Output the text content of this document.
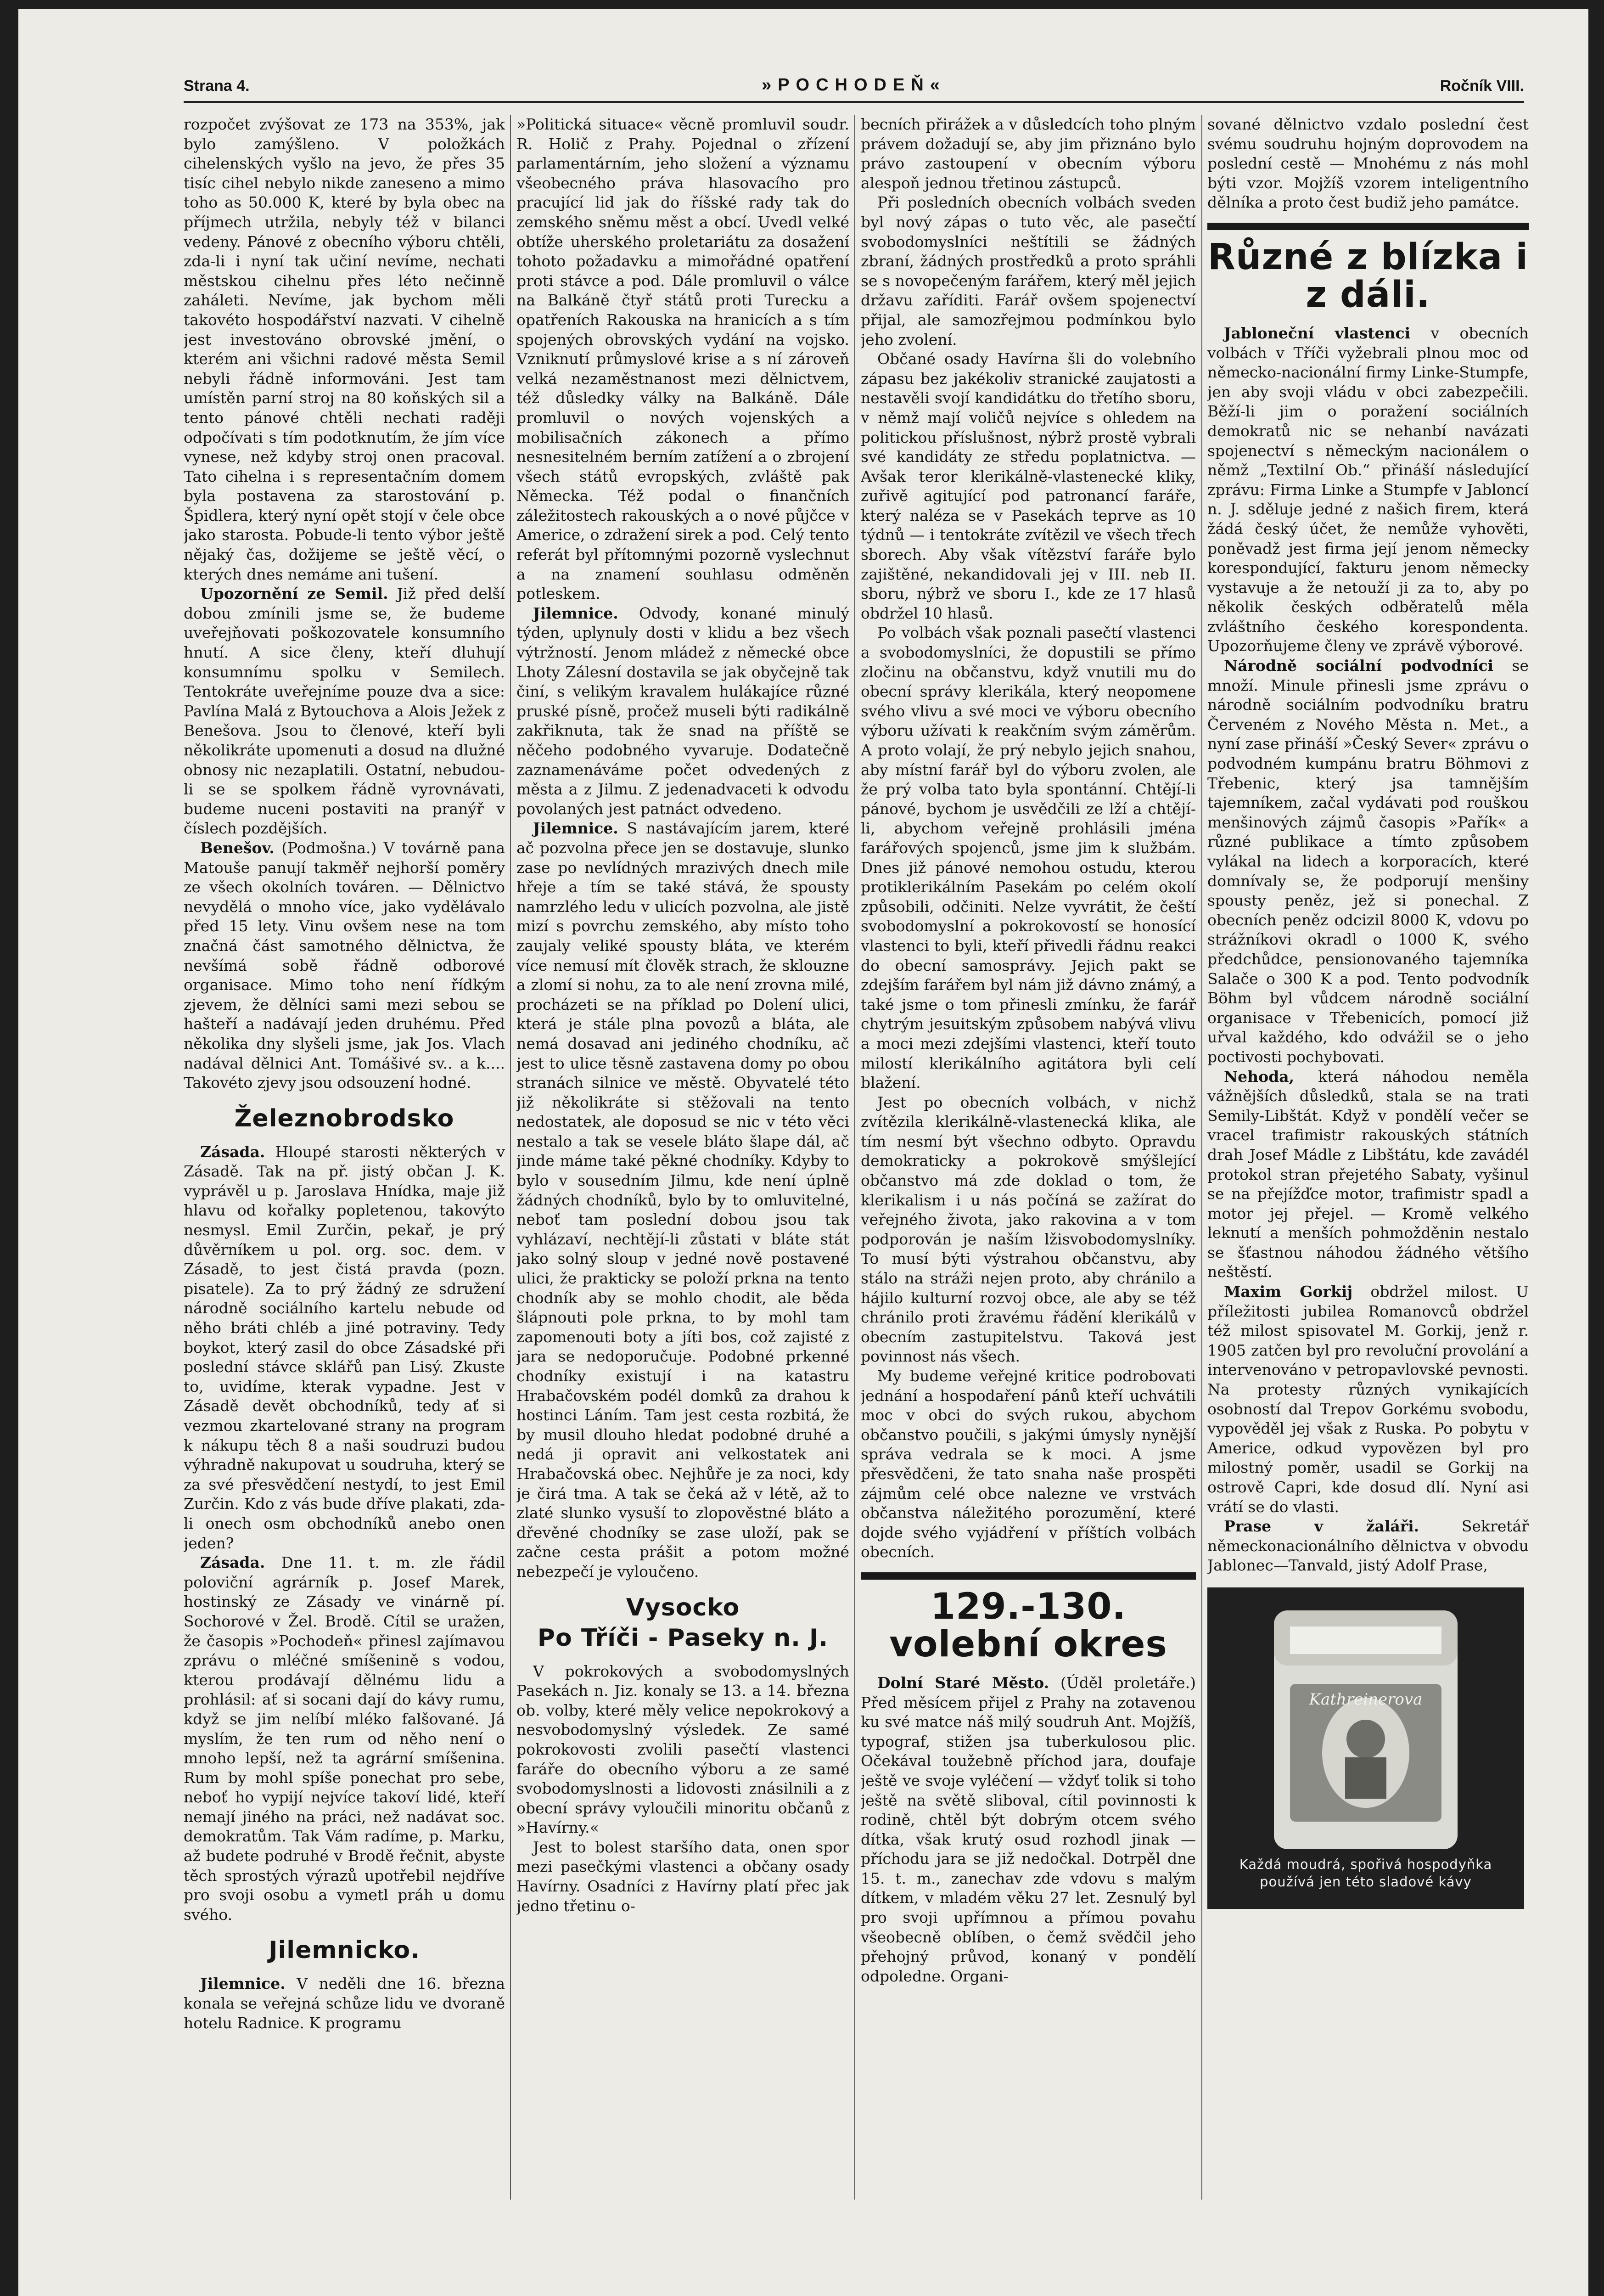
Strana 4.	»POCHODEŇ«	Ročník VIII.

rozpočet zvýšovat ze 173 na 353%, jak bylo zamýšleno. V položkách cihelenských vyšlo na jevo, že přes 35 tisíc cihel nebylo nikde zaneseno a mimo toho as 50.000 K, které by byla obec na příjmech utržila, nebyly též v bilanci vedeny. Pánové z obecního výboru chtěli, zda-li i nyní tak učiní nevíme, nechati městskou cihelnu přes léto nečinně zaháleti. Nevíme, jak bychom měli takovéto hospodářství nazvati. V cihelně jest investováno obrovské jmění, o kterém ani všichni radové města Semil nebyli řádně informováni. Jest tam umístěn parní stroj na 80 koňských sil a tento pánové chtěli nechati raději odpočívati s tím podotknutím, že jím více vynese, než kdyby stroj onen pracoval. Tato cihelna i s representačním domem byla postavena za starostování p. Špidlera, který nyní opět stojí v čele obce jako starosta. Pobude-li tento výbor ještě nějaký čas, dožijeme se ještě věcí, o kterých dnes nemáme ani tušení.

Upozornění ze Semil. Již před delší dobou zmínili jsme se, že budeme uveřejňovati poškozovatele konsumního hnutí. A sice členy, kteří dluhují konsumnímu spolku v Semilech. Tentokráte uveřejníme pouze dva a sice: Pavlína Malá z Bytouchova a Alois Ježek z Benešova. Jsou to členové, kteří byli několikráte upomenuti a dosud na dlužné obnosy nic nezaplatili. Ostatní, nebudou-li se se spolkem řádně vyrovnávati, budeme nuceni postaviti na pranýř v číslech pozdějších.

Benešov. (Podmošna.) V továrně pana Matouše panují takměř nejhorší poměry ze všech okolních továren. — Dělnictvo nevydělá o mnoho více, jako vydělávalo před 15 lety. Vinu ovšem nese na tom značná část samotného dělnictva, že nevšímá sobě řádně odborové organisace. Mimo toho není řídkým zjevem, že dělníci sami mezi sebou se hašteří a nadávají jeden druhému. Před několika dny slyšeli jsme, jak Jos. Vlach nadával dělnici Ant. Tomášivé sv.. a k.... Takovéto zjevy jsou odsouzení hodné.

Železnobrodsko

Zásada. Hloupé starosti některých v Zásadě. Tak na př. jistý občan J. K. vyprávěl u p. Jaroslava Hnídka, maje již hlavu od kořalky popletenou, takovýto nesmysl. Emil Zurčin, pekař, je prý důvěrníkem u pol. org. soc. dem. v Zásadě, to jest čistá pravda (pozn. pisatele). Za to prý žádný ze sdružení národně sociálního kartelu nebude od něho bráti chléb a jiné potraviny. Tedy boykot, který zasil do obce Zásadské při poslední stávce sklářů pan Lisý. Zkuste to, uvidíme, kterak vypadne. Jest v Zásadě devět obchodníků, tedy ať si vezmou zkartelované strany na program k nákupu těch 8 a naši soudruzi budou výhradně nakupovat u soudruha, který se za své přesvědčení nestydí, to jest Emil Zurčin. Kdo z vás bude dříve plakati, zda-li onech osm obchodníků anebo onen jeden?

Zásada. Dne 11. t. m. zle řádil poloviční agrárník p. Josef Marek, hostinský ze Zásady ve vinárně pí. Sochorové v Žel. Brodě. Cítil se uražen, že časopis »Pochodeň« přinesl zajímavou zprávu o mléčné smíšenině s vodou, kterou prodávají dělnému lidu a prohlásil: ať si socani dají do kávy rumu, když se jim nelíbí mléko falšované. Já myslím, že ten rum od něho není o mnoho lepší, než ta agrární smíšenina. Rum by mohl spíše ponechat pro sebe, neboť ho vypijí nejvíce takoví lidé, kteří nemají jiného na práci, než nadávat soc. demokratům. Tak Vám radíme, p. Marku, až budete podruhé v Brodě řečnit, abyste těch sprostých výrazů upotřebil nejdříve pro svoji osobu a vymetl práh u domu svého.

Jilemnicko.

Jilemnice. V neděli dne 16. března konala se veřejná schůze lidu ve dvoraně hotelu Radnice. K programu

»Politická situace« věcně promluvil soudr. R. Holič z Prahy. Pojednal o zřízení parlamentárním, jeho složení a významu všeobecného práva hlasovacího pro pracující lid jak do říšské rady tak do zemského sněmu měst a obcí. Uvedl velké obtíže uherského proletariátu za dosažení tohoto požadavku a mimořádné opatření proti stávce a pod. Dále promluvil o válce na Balkáně čtyř států proti Turecku a opatřeních Rakouska na hranicích a s tím spojených obrovských vydání na vojsko. Vzniknutí průmyslové krise a s ní zároveň velká nezaměstnanost mezi dělnictvem, též důsledky války na Balkáně. Dále promluvil o nových vojenských a mobilisačních zákonech a přímo nesnesitelném berním zatížení a o zbrojení všech států evropských, zvláště pak Německa. Též podal o finančních záležitostech rakouských a o nové půjčce v Americe, o zdražení sirek a pod. Celý tento referát byl přítomnými pozorně vyslechnut a na znamení souhlasu odměněn potleskem.

Jilemnice. Odvody, konané minulý týden, uplynuly dosti v klidu a bez všech výtržností. Jenom mládež z německé obce Lhoty Zálesní dostavila se jak obyčejně tak činí, s velikým kravalem hulákajíce různé pruské písně, pročež museli býti radikálně zakřiknuta, tak že snad na příště se něčeho podobného vyvaruje. Dodatečně zaznamenáváme počet odvedených z města a z Jilmu. Z jedenadvaceti k odvodu povolaných jest patnáct odvedeno.

Jilemnice. S nastávajícím jarem, které ač pozvolna přece jen se dostavuje, slunko zase po nevlídných mrazivých dnech mile hřeje a tím se také stává, že spousty namrzlého ledu v ulicích pozvolna, ale jistě mizí s povrchu zemského, aby místo toho zaujaly veliké spousty bláta, ve kterém více nemusí mít člověk strach, že sklouzne a zlomí si nohu, za to ale není zrovna milé, procházeti se na příklad po Dolení ulici, která je stále plna povozů a bláta, ale nemá dosavad ani jediného chodníku, ač jest to ulice těsně zastavena domy po obou stranách silnice ve městě. Obyvatelé této již několikráte si stěžovali na tento nedostatek, ale doposud se nic v této věci nestalo a tak se vesele bláto šlape dál, ač jinde máme také pěkné chodníky. Kdyby to bylo v sousedním Jilmu, kde není úplně žádných chodníků, bylo by to omluvitelné, neboť tam poslední dobou jsou tak vyhlázaví, nechtějí-li zůstati v bláte stát jako solný sloup v jedné nově postavené ulici, že prakticky se položí prkna na tento chodník aby se mohlo chodit, ale běda šlápnouti pole prkna, to by mohl tam zapomenouti boty a jíti bos, což zajisté z jara se nedoporučuje. Podobné prkenné chodníky existují i na katastru Hrabačovském podél domků za drahou k hostinci Láním. Tam jest cesta rozbitá, že by musil dlouho hledat podobné druhé a nedá ji opravit ani velkostatek ani Hrabačovská obec. Nejhůře je za noci, kdy je čirá tma. A tak se čeká až v létě, až to zlaté slunko vysuší to zlopověstné bláto a dřevěné chodníky se zase uloží, pak se začne cesta prášit a potom možné nebezpečí je vyloučeno.

Vysocko
Po Tříči - Paseky n. J.

V pokrokových a svobodomyslných Pasekách n. Jiz. konaly se 13. a 14. března ob. volby, které měly velice nepokrokový a nesvobodomyslný výsledek. Ze samé pokrokovosti zvolili pasečtí vlastenci faráře do obecního výboru a ze samé svobodomyslnosti a lidovosti znásilnili a z obecní správy vyloučili minoritu občanů z »Havírny.«

Jest to bolest staršího data, onen spor mezi pasečkými vlastenci a občany osady Havírny. Osadníci z Havírny platí přec jak jedno třetinu o-

becních přirážek a v důsledcích toho plným právem dožadují se, aby jim přiznáno bylo právo zastoupení v obecním výboru alespoň jednou třetinou zástupců.

Při posledních obecních volbách sveden byl nový zápas o tuto věc, ale pasečtí svobodomyslníci neštítili se žádných zbraní, žádných prostředků a proto spráhli se s novopečeným farářem, který měl jejich državu zaříditi. Farář ovšem spojenectví přijal, ale samozřejmou podmínkou bylo jeho zvolení.

Občané osady Havírna šli do volebního zápasu bez jakékoliv stranické zaujatosti a nestavěli svojí kandidátku do třetího sboru, v němž mají voličů nejvíce s ohledem na politickou příslušnost, nýbrž prostě vybrali své kandidáty ze středu poplatnictva. — Avšak teror klerikálně-vlastenecké kliky, zuřivě agitující pod patronancí faráře, který naléza se v Pasekách teprve as 10 týdnů — i tentokráte zvítězil ve všech třech sborech. Aby však vítězství faráře bylo zajištěné, nekandidovali jej v III. neb II. sboru, nýbrž ve sboru I., kde ze 17 hlasů obdržel 10 hlasů.

Po volbách však poznali pasečtí vlastenci a svobodomyslníci, že dopustili se přímo zločinu na občanstvu, když vnutili mu do obecní správy klerikála, který neopomene svého vlivu a své moci ve výboru obecního výboru užívati k reakčním svým záměrům. A proto volají, že prý nebylo jejich snahou, aby místní farář byl do výboru zvolen, ale že prý volba tato byla spontánní. Chtějí-li pánové, bychom je usvědčili ze lží a chtějí-li, abychom veřejně prohlásili jména farářových spojenců, jsme jim k službám. Dnes již pánové nemohou ostudu, kterou protiklerikálním Pasekám po celém okolí způsobili, odčiniti. Nelze vyvrátit, že čeští svobodomyslní a pokrokovostí se honosící vlastenci to byli, kteří přivedli řádnu reakci do obecní samosprávy. Jejich pakt se zdejším farářem byl nám již dávno známý, a také jsme o tom přinesli zmínku, že farář chytrým jesuitským způsobem nabývá vlivu a moci mezi zdejšími vlastenci, kteří touto milostí klerikálního agitátora byli celí blažení.

Jest po obecních volbách, v nichž zvítězila klerikálně-vlastenecká klika, ale tím nesmí být všechno odbyto. Opravdu demokraticky a pokrokově smýšlející občanstvo má zde doklad o tom, že klerikalism i u nás počíná se zažírat do veřejného života, jako rakovina a v tom podporován je naším lžisvobodomyslníky. To musí býti výstrahou občanstvu, aby stálo na stráži nejen proto, aby chránilo a hájilo kulturní rozvoj obce, ale aby se též chránilo proti žravému řádění klerikálů v obecním zastupitelstvu. Taková jest povinnost nás všech.

My budeme veřejné kritice podrobovati jednání a hospodaření pánů kteří uchvátili moc v obci do svých rukou, abychom občanstvo poučili, s jakými úmysly nynější správa vedrala se k moci. A jsme přesvědčeni, že tato snaha naše prospěti zájmům celé obce nalezne ve vrstvách občanstva náležitého porozumění, které dojde svého vyjádření v příštích volbách obecních.

129.-130. volební okres

Dolní Staré Město. (Úděl proletáře.) Před měsícem přijel z Prahy na zotavenou ku své matce náš milý soudruh Ant. Mojžíš, typograf, stižen jsa tuberkulosou plic. Očekával toužebně příchod jara, doufaje ještě ve svoje vyléčení — vždyť tolik si toho ještě na světě sliboval, cítil povinnosti k rodině, chtěl být dobrým otcem svého dítka, však krutý osud rozhodl jinak — příchodu jara se již nedočkal. Dotrpěl dne 15. t. m., zanechav zde vdovu s malým dítkem, v mladém věku 27 let. Zesnulý byl pro svoji upřímnou a přímou povahu všeobecně oblíben, o čemž svědčil jeho přehojný průvod, konaný v pondělí odpoledne. Organi-

sované dělnictvo vzdalo poslední čest svému soudruhu hojným doprovodem na poslední cestě — Mnohému z nás mohl býti vzor. Mojžíš vzorem inteligentního dělníka a proto čest budiž jeho památce.

Různé z blízka i z dáli.

Jabloneční vlastenci v obecních volbách v Tříči vyžebrali plnou moc od německo-nacionální firmy Linke-Stumpfe, jen aby svoji vládu v obci zabezpečili. Běží-li jim o poražení sociálních demokratů nic se nehanbí navázati spojenectví s německým nacionálem o němž „Textilní Ob.“ přináší následující zprávu: Firma Linke a Stumpfe v Jabloncí n. J. sděluje jedné z našich firem, která žádá český účet, že nemůže vyhověti, poněvadž jest firma její jenom německy korespondující, fakturu jenom německy vystavuje a že netouží ji za to, aby po několik českých odběratelů měla zvláštního českého korespondenta. Upozorňujeme členy ve zprávě výborové.

Národně sociální podvodníci se množí. Minule přinesli jsme zprávu o národně sociálním podvodníku bratru Červeném z Nového Města n. Met., a nyní zase přináší »Český Sever« zprávu o podvodném kumpánu bratru Böhmovi z Třebenic, který jsa tamnějším tajemníkem, začal vydávati pod rouškou menšinových zájmů časopis »Pařík« a různé publikace a tímto způsobem vylákal na lidech a korporacích, které domnívaly se, že podporují menšiny spousty peněz, jež si ponechal. Z obecních peněz odcizil 8000 K, vdovu po strážníkovi okradl o 1000 K, svého předchůdce, pensionovaného tajemníka Salače o 300 K a pod. Tento podvodník Böhm byl vůdcem národně sociální organisace v Třebenicích, pomocí již uřval každého, kdo odvážil se o jeho poctivosti pochybovati.

Nehoda, která náhodou neměla vážnějších důsledků, stala se na trati Semily-Libštát. Když v pondělí večer se vracel trafimistr rakouských státních drah Josef Mádle z Libštátu, kde zavádél protokol stran přejetého Sabaty, vyšinul se na přejížďce motor, trafimistr spadl a motor jej přejel. — Kromě velkého leknutí a menších pohmožděnin nestalo se šťastnou náhodou žádného většího neštěstí.

Maxim Gorkij obdržel milost. U příležitosti jubilea Romanovců obdržel též milost spisovatel M. Gorkij, jenž r. 1905 zatčen byl pro revoluční provolání a intervenováno v petropavlovské pevnosti. Na protesty různých vynikajících osobností dal Trepov Gorkému svobodu, vypověděl jej však z Ruska. Po pobytu v Americe, odkud vypovězen byl pro milostný poměr, usadil se Gorkij na ostrově Capri, kde dosud dlí. Nyní asi vrátí se do vlasti.

Prase v žaláři.	Sekretář německonacionálního dělnictva v obvodu Jablonec—Tanvald, jistý Adolf Prase,

Kathreinerova
Každá moudrá, spořivá hospodyňka
používá jen této sladové kávy
